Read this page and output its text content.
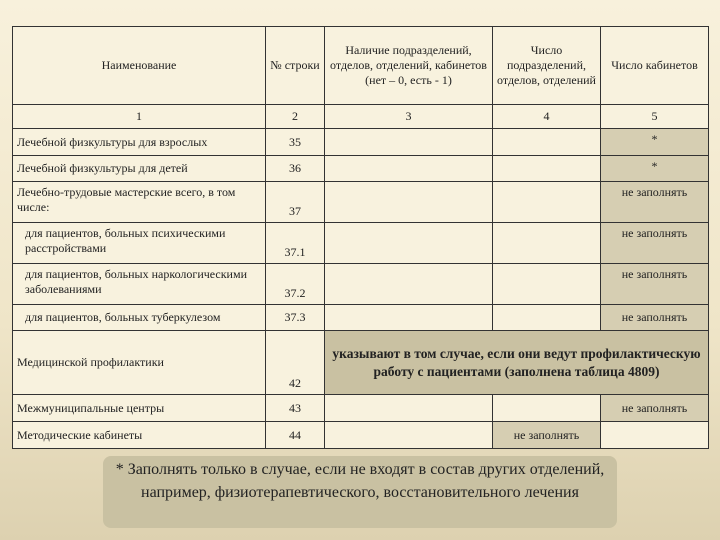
Наименование	№ строки	Наличие подразделений, отделов, отделений, кабинетов (нет – 0, есть - 1)	Число подразделений, отделов, отделений	Число кабинетов
1	2	3	4	5
Лечебной физкультуры для взрослых	35			*
Лечебной физкультуры для детей	36			*
Лечебно-трудовые мастерские всего, в том числе:	37			не заполнять
для пациентов, больных психическими расстройствами	37.1			не заполнять
для пациентов, больных наркологическими заболеваниями	37.2			не заполнять
для пациентов, больных туберкулезом	37.3			не заполнять
Медицинской профилактики	42	указывают в том случае, если они ведут профилактическую работу с пациентами (заполнена таблица 4809)		
Межмуниципальные центры	43			не заполнять
Методические кабинеты	44		не заполнять	
* Заполнять только в случае, если не входят в состав других отделений, например, физиотерапевтического, восстановительного лечения
